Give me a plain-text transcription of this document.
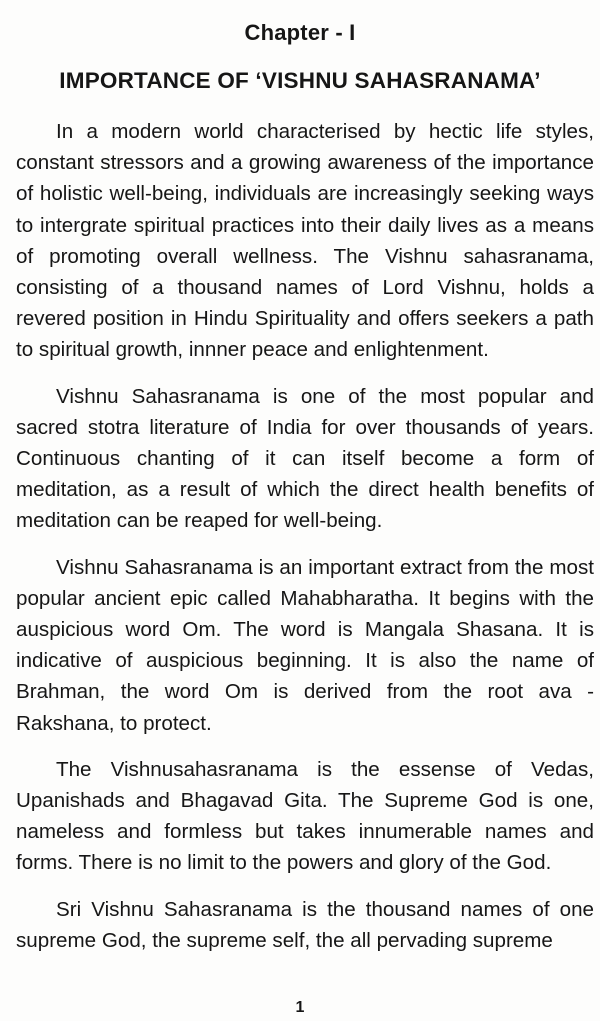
Chapter - I
IMPORTANCE OF ‘VISHNU SAHASRANAMA’

In a modern world characterised by hectic life styles, constant stressors and a growing awareness of the importance of holistic well-being, individuals are increasingly seeking ways to intergrate spiritual practices into their daily lives as a means of promoting overall wellness. The Vishnu sahasranama, consisting of a thousand names of Lord Vishnu, holds a revered position in Hindu Spirituality and offers seekers a path to spiritual growth, innner peace and enlightenment.

Vishnu Sahasranama is one of the most popular and sacred stotra literature of India for over thousands of years. Continuous chanting of it can itself become a form of meditation, as a result of which the direct health benefits of meditation can be reaped for well-being.

Vishnu Sahasranama is an important extract from the most popular ancient epic called Mahabharatha. It begins with the auspicious word Om. The word is Mangala Shasana. It is indicative of auspicious beginning. It is also the name of Brahman, the word Om is derived from the root ava - Rakshana, to protect.

The Vishnusahasranama is the essense of Vedas, Upanishads and Bhagavad Gita. The Supreme God is one, nameless and formless but takes innumerable names and forms. There is no limit to the powers and glory of the God.

Sri Vishnu Sahasranama is the thousand names of one supreme God, the supreme self, the all pervading supreme

1
